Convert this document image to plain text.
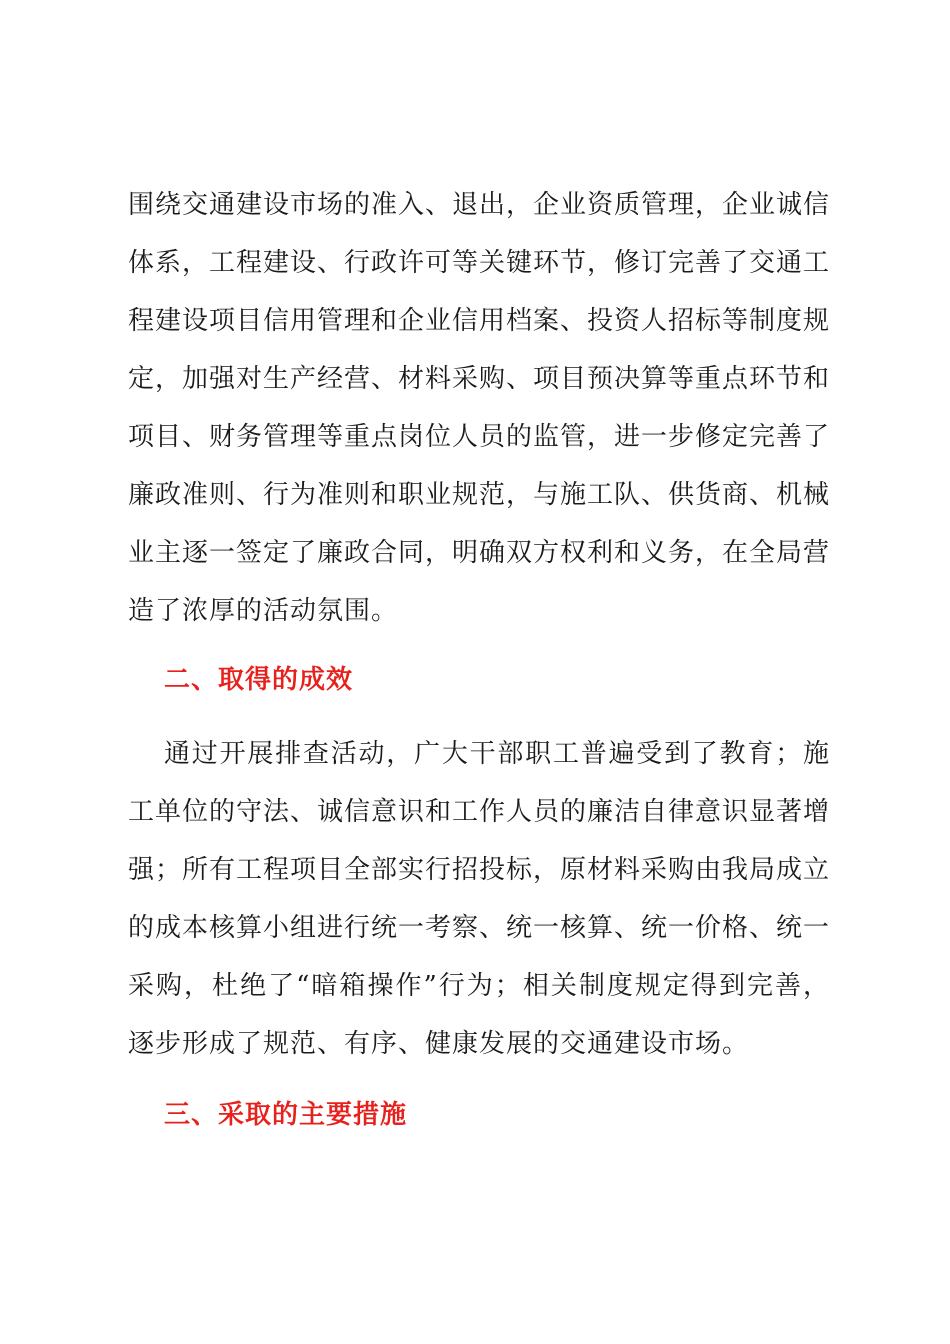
围绕交通建设市场的准入、退出，企业资质管理，企业诚信体系，工程建设、行政许可等关键环节，修订完善了交通工程建设项目信用管理和企业信用档案、投资人招标等制度规定，加强对生产经营、材料采购、项目预决算等重点环节和项目、财务管理等重点岗位人员的监管，进一步修定完善了廉政准则、行为准则和职业规范，与施工队、供货商、机械业主逐一签定了廉政合同，明确双方权利和义务，在全局营造了浓厚的活动氛围。

二、取得的成效

通过开展排查活动，广大干部职工普遍受到了教育；施工单位的守法、诚信意识和工作人员的廉洁自律意识显著增强；所有工程项目全部实行招投标，原材料采购由我局成立的成本核算小组进行统一考察、统一核算、统一价格、统一采购，杜绝了“暗箱操作”行为；相关制度规定得到完善，逐步形成了规范、有序、健康发展的交通建设市场。

三、采取的主要措施
